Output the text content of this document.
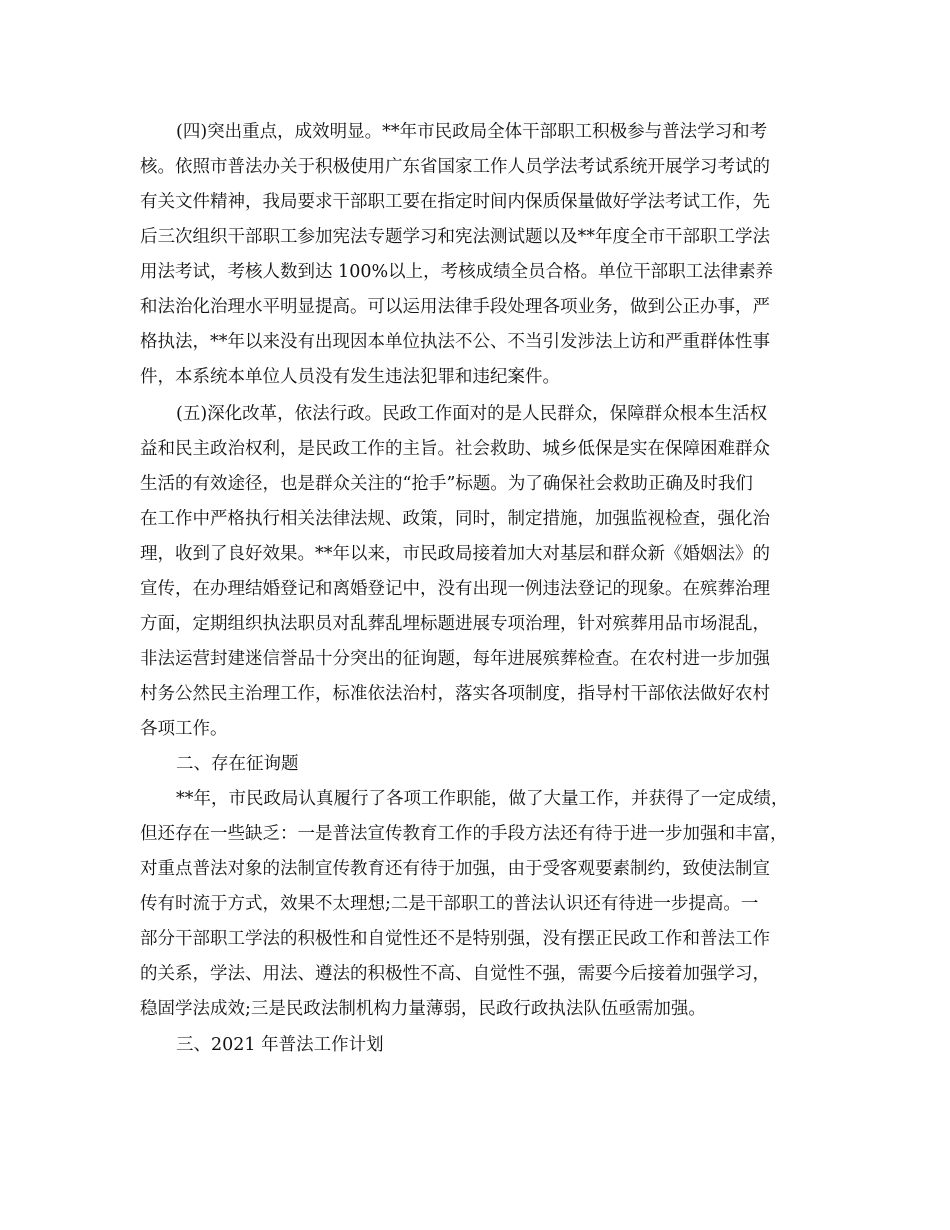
(四)突出重点，成效明显。**年市民政局全体干部职工积极参与普法学习和考
核。依照市普法办关于积极使用广东省国家工作人员学法考试系统开展学习考试的
有关文件精神，我局要求干部职工要在指定时间内保质保量做好学法考试工作，先
后三次组织干部职工参加宪法专题学习和宪法测试题以及**年度全市干部职工学法
用法考试，考核人数到达 100%以上，考核成绩全员合格。单位干部职工法律素养
和法治化治理水平明显提高。可以运用法律手段处理各项业务，做到公正办事，严
格执法，**年以来没有出现因本单位执法不公、不当引发涉法上访和严重群体性事
件，本系统本单位人员没有发生违法犯罪和违纪案件。
(五)深化改革，依法行政。民政工作面对的是人民群众，保障群众根本生活权
益和民主政治权利，是民政工作的主旨。社会救助、城乡低保是实在保障困难群众
生活的有效途径，也是群众关注的“抢手”标题。为了确保社会救助正确及时我们
在工作中严格执行相关法律法规、政策，同时，制定措施，加强监视检查，强化治
理，收到了良好效果。**年以来，市民政局接着加大对基层和群众新《婚姻法》的
宣传，在办理结婚登记和离婚登记中，没有出现一例违法登记的现象。在殡葬治理
方面，定期组织执法职员对乱葬乱埋标题进展专项治理，针对殡葬用品市场混乱，
非法运营封建迷信誉品十分突出的征询题，每年进展殡葬检查。在农村进一步加强
村务公然民主治理工作，标准依法治村，落实各项制度，指导村干部依法做好农村
各项工作。
二、存在征询题
**年，市民政局认真履行了各项工作职能，做了大量工作，并获得了一定成绩，
但还存在一些缺乏：一是普法宣传教育工作的手段方法还有待于进一步加强和丰富，
对重点普法对象的法制宣传教育还有待于加强，由于受客观要素制约，致使法制宣
传有时流于方式，效果不太理想;二是干部职工的普法认识还有待进一步提高。一
部分干部职工学法的积极性和自觉性还不是特别强，没有摆正民政工作和普法工作
的关系，学法、用法、遵法的积极性不高、自觉性不强，需要今后接着加强学习，
稳固学法成效;三是民政法制机构力量薄弱，民政行政执法队伍亟需加强。
三、2021 年普法工作计划
